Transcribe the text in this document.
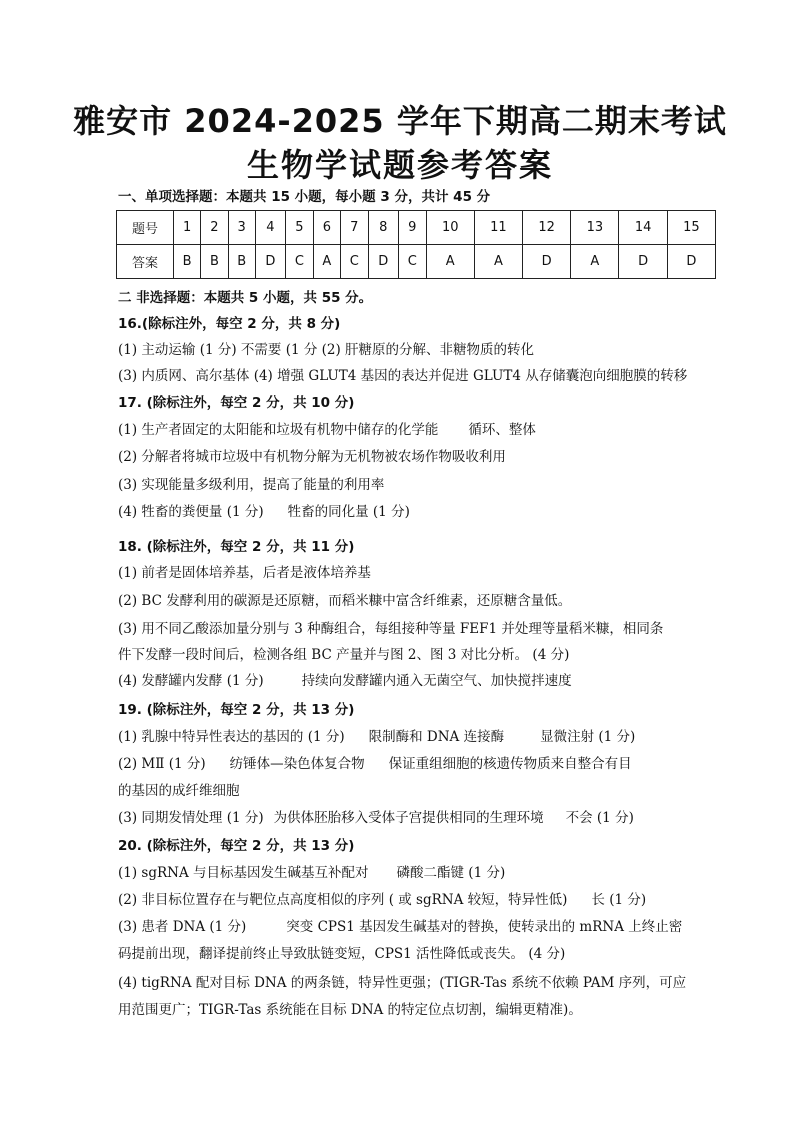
雅安市 2024-2025 学年下期高二期末考试
生物学试题参考答案
一、单项选择题：本题共 15 小题，每小题 3 分，共计 45 分
题号	1	2	3	4	5	6	7	8	9	10	11	12	13	14	15
答案	B	B	B	D	C	A	C	D	C	A	A	D	A	D	D
二 非选择题：本题共 5 小题，共 55 分。
16.(除标注外，每空 2 分，共 8 分)
(1) 主动运输 (1 分) 不需要 (1 分 (2) 肝糖原的分解、非糖物质的转化
(3) 内质网、高尔基体 (4) 增强 GLUT4 基因的表达并促进 GLUT4 从存储囊泡向细胞膜的转移
17. (除标注外，每空 2 分，共 10 分)
(1) 生产者固定的太阳能和垃圾有机物中储存的化学能 循环、整体
(2) 分解者将城市垃圾中有机物分解为无机物被农场作物吸收利用
(3) 实现能量多级利用，提高了能量的利用率
(4) 牲畜的粪便量 (1 分) 牲畜的同化量 (1 分)
18. (除标注外，每空 2 分，共 11 分)
(1) 前者是固体培养基，后者是液体培养基
(2) BC 发酵利用的碳源是还原糖，而稻米糠中富含纤维素，还原糖含量低。
(3) 用不同乙酸添加量分别与 3 种酶组合，每组接种等量 FEF1 并处理等量稻米糠，相同条
件下发酵一段时间后，检测各组 BC 产量并与图 2、图 3 对比分析。 (4 分)
(4) 发酵罐内发酵 (1 分)	持续向发酵罐内通入无菌空气、加快搅拌速度
19. (除标注外，每空 2 分，共 13 分)
(1) 乳腺中特异性表达的基因的 (1 分) 限制酶和 DNA 连接酶	显微注射 (1 分)
(2) MⅡ (1 分) 纺锤体—染色体复合物 保证重组细胞的核遗传物质来自整合有目
的基因的成纤维细胞
(3) 同期发情处理 (1 分) 为供体胚胎移入受体子宫提供相同的生理环境 不会 (1 分)
20. (除标注外，每空 2 分，共 13 分)
(1) sgRNA 与目标基因发生碱基互补配对 磷酸二酯键 (1 分)
(2) 非目标位置存在与靶位点高度相似的序列 ( 或 sgRNA 较短，特异性低) 长 (1 分)
(3) 患者 DNA (1 分)	突变 CPS1 基因发生碱基对的替换，使转录出的 mRNA 上终止密
码提前出现，翻译提前终止导致肽链变短，CPS1 活性降低或丧失。 (4 分)
(4) tigRNA 配对目标 DNA 的两条链，特异性更强；(TIGR-Tas 系统不依赖 PAM 序列，可应
用范围更广；TIGR-Tas 系统能在目标 DNA 的特定位点切割，编辑更精准)。
